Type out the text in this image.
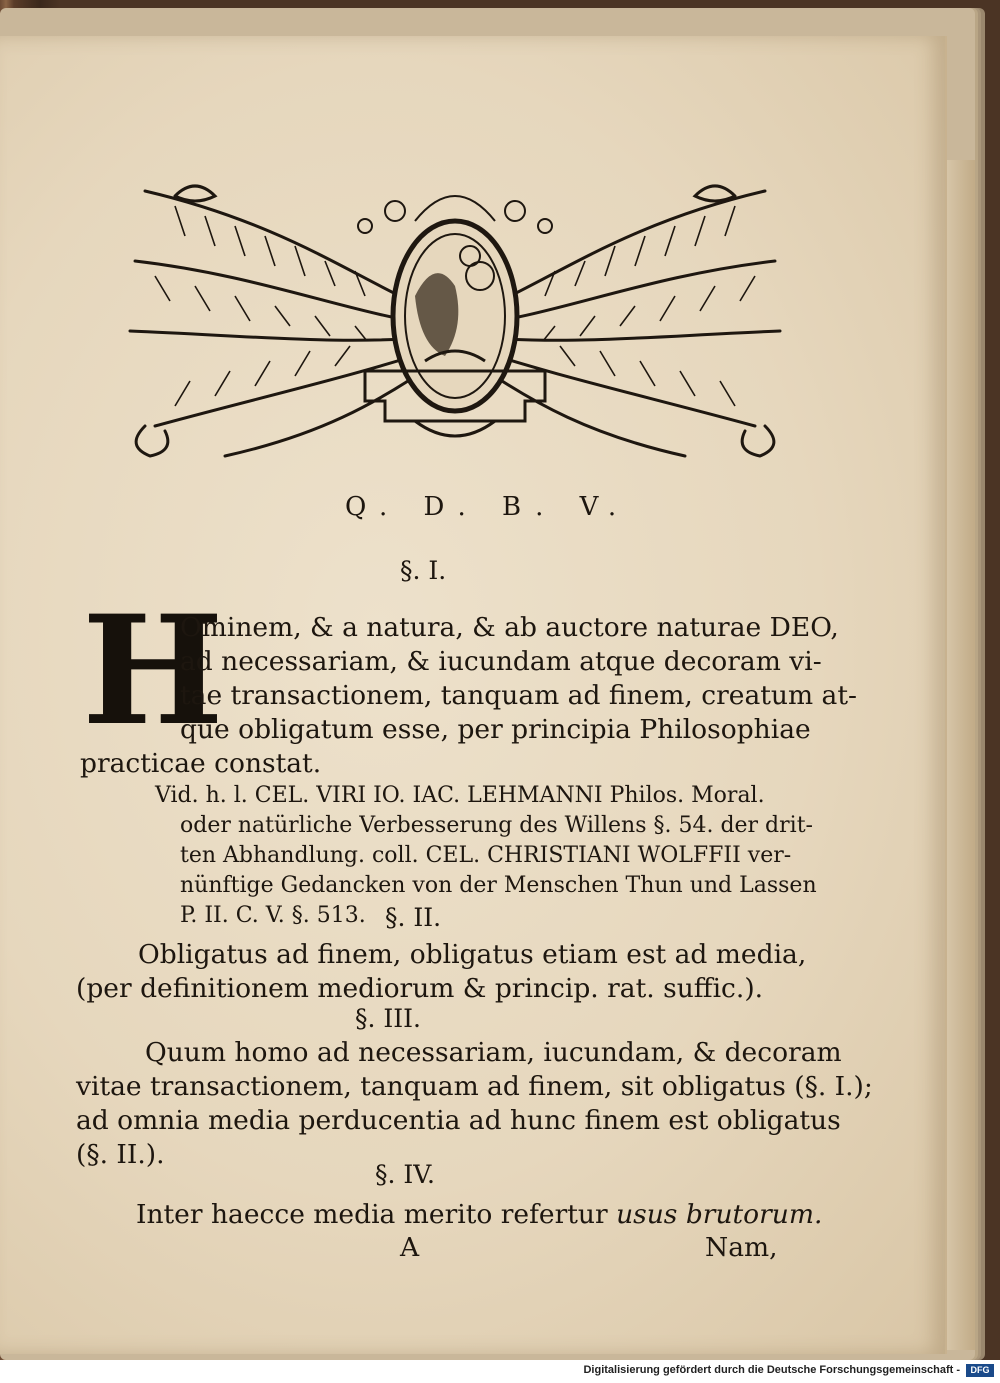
Q. D. B. V.
§. I.
H
Ominem, & a natura, & ab auctore naturae DEO,
ad necessariam, & iucundam atque decoram vi-
tae transactionem, tanquam ad finem, creatum at-
que obligatum esse, per principia Philosophiae
practicae constat.
Vid. h. l. CEL. VIRI IO. IAC. LEHMANNI Philos. Moral.
oder natürliche Verbesserung des Willens §. 54. der drit-
ten Abhandlung. coll. CEL. CHRISTIANI WOLFFII ver-
nünftige Gedancken von der Menschen Thun und Lassen
P. II. C. V. §. 513. §. II.
Obligatus ad finem, obligatus etiam est ad media,
(per definitionem mediorum & princip. rat. suffic.).
§. III.
Quum homo ad necessariam, iucundam, & decoram
vitae transactionem, tanquam ad finem, sit obligatus (§. I.);
ad omnia media perducentia ad hunc finem est obligatus
(§. II.).
§. IV.
Inter haecce media merito refertur usus brutorum.
A	Nam,
Digitalisierung gefördert durch die Deutsche Forschungsgemeinschaft -	DFG
